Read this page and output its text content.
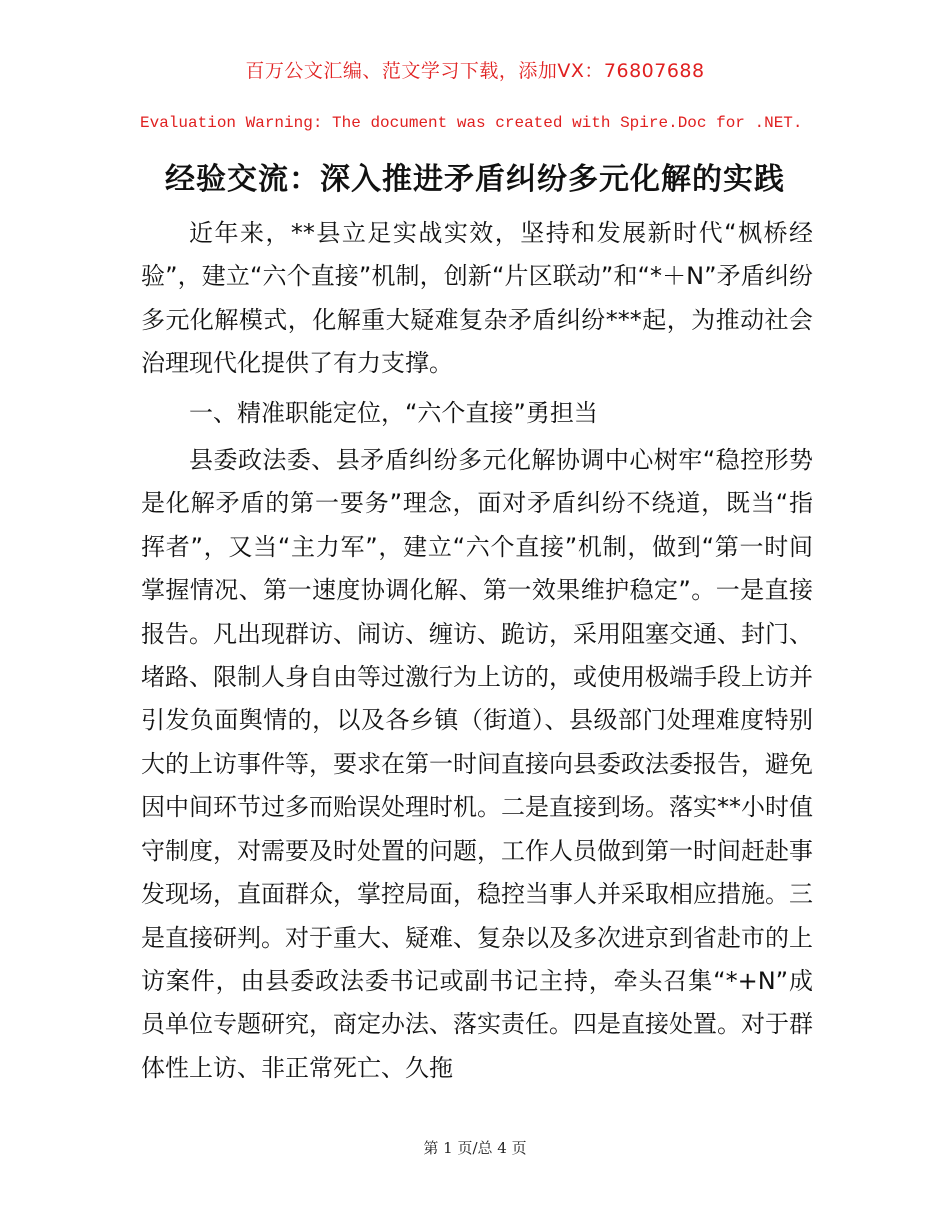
百万公文汇编、范文学习下载，添加VX：76807688
Evaluation Warning: The document was created with Spire.Doc for .NET.
经验交流：深入推进矛盾纠纷多元化解的实践

近年来，**县立足实战实效，坚持和发展新时代“枫桥经验”，建立“六个直接”机制，创新“片区联动”和“*＋N”矛盾纠纷多元化解模式，化解重大疑难复杂矛盾纠纷***起，为推动社会治理现代化提供了有力支撑。

一、精准职能定位，“六个直接”勇担当

县委政法委、县矛盾纠纷多元化解协调中心树牢“稳控形势是化解矛盾的第一要务”理念，面对矛盾纠纷不绕道，既当“指挥者”，又当“主力军”，建立“六个直接”机制，做到“第一时间掌握情况、第一速度协调化解、第一效果维护稳定”。一是直接报告。凡出现群访、闹访、缠访、跪访，采用阻塞交通、封门、堵路、限制人身自由等过激行为上访的，或使用极端手段上访并引发负面舆情的，以及各乡镇（街道）、县级部门处理难度特别大的上访事件等，要求在第一时间直接向县委政法委报告，避免因中间环节过多而贻误处理时机。二是直接到场。落实**小时值守制度，对需要及时处置的问题，工作人员做到第一时间赶赴事发现场，直面群众，掌控局面，稳控当事人并采取相应措施。三是直接研判。对于重大、疑难、复杂以及多次进京到省赴市的上访案件，由县委政法委书记或副书记主持，牵头召集“*+N”成员单位专题研究，商定办法、落实责任。四是直接处置。对于群体性上访、非正常死亡、久拖

第 1 页/总 4 页
